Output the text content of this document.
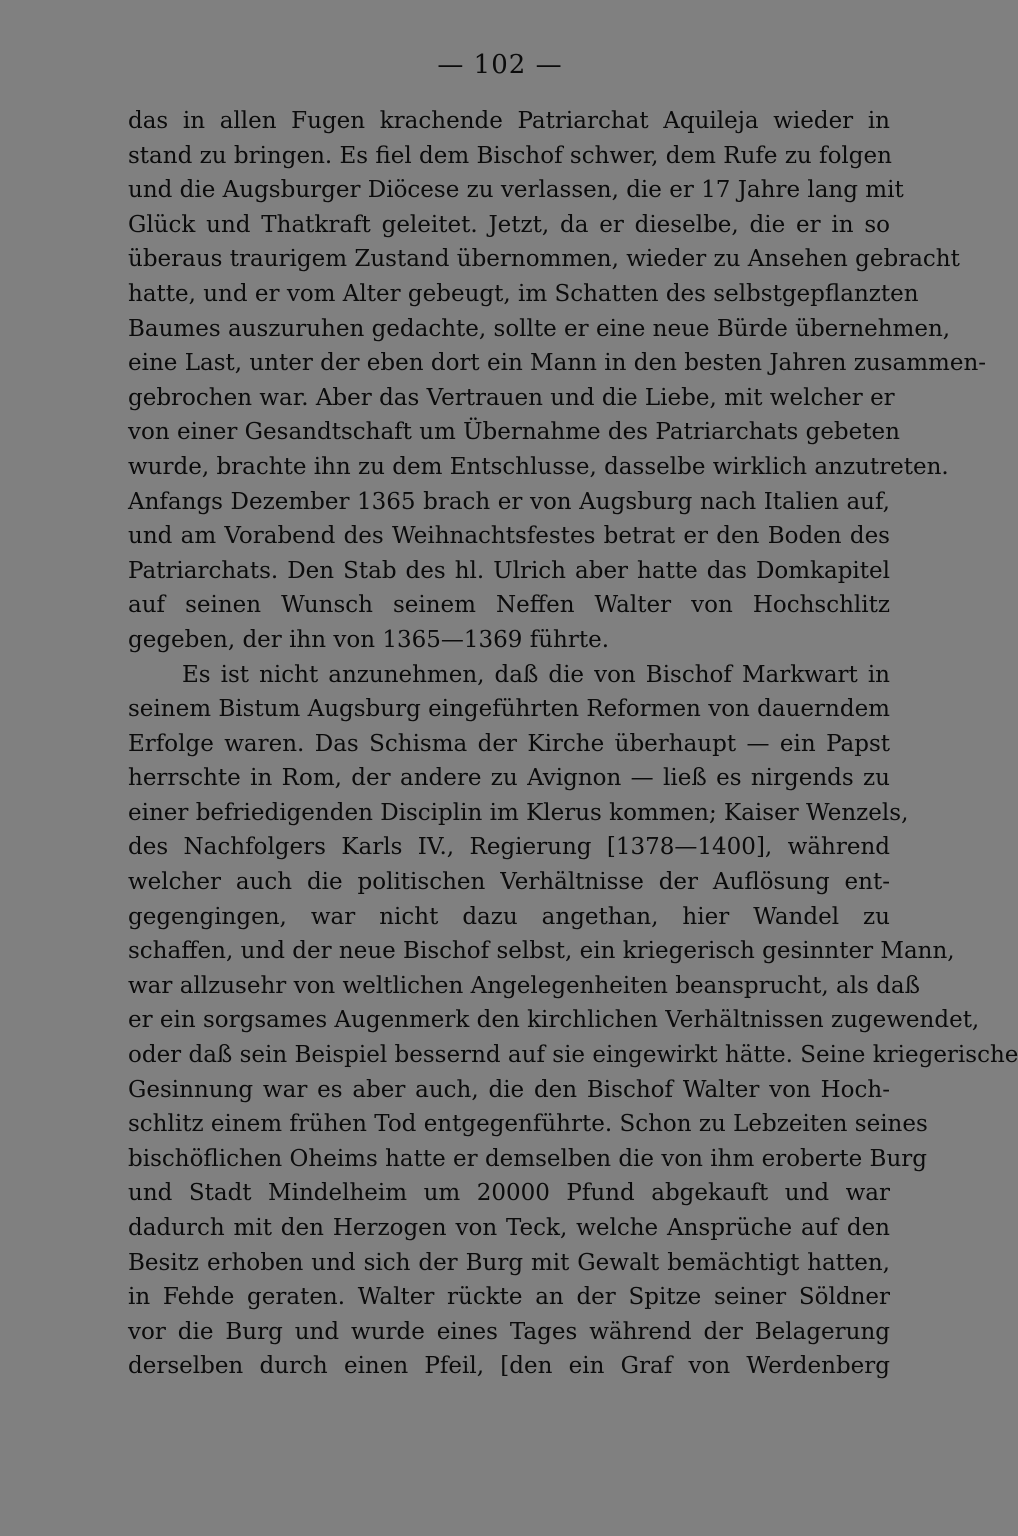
— 102 —
das in allen Fugen krachende Patriarchat Aquileja wieder in
stand zu bringen. Es fiel dem Bischof schwer, dem Rufe zu folgen
und die Augsburger Diöcese zu verlassen, die er 17 Jahre lang mit
Glück und Thatkraft geleitet. Jetzt, da er dieselbe, die er in so
überaus traurigem Zustand übernommen, wieder zu Ansehen gebracht
hatte, und er vom Alter gebeugt, im Schatten des selbstgepflanzten
Baumes auszuruhen gedachte, sollte er eine neue Bürde übernehmen,
eine Last, unter der eben dort ein Mann in den besten Jahren zusammen-
gebrochen war. Aber das Vertrauen und die Liebe, mit welcher er
von einer Gesandtschaft um Übernahme des Patriarchats gebeten
wurde, brachte ihn zu dem Entschlusse, dasselbe wirklich anzutreten.
Anfangs Dezember 1365 brach er von Augsburg nach Italien auf,
und am Vorabend des Weihnachtsfestes betrat er den Boden des
Patriarchats. Den Stab des hl. Ulrich aber hatte das Domkapitel
auf seinen Wunsch seinem Neffen Walter von Hochschlitz
gegeben, der ihn von 1365—1369 führte.
Es ist nicht anzunehmen, daß die von Bischof Markwart in
seinem Bistum Augsburg eingeführten Reformen von dauerndem
Erfolge waren. Das Schisma der Kirche überhaupt — ein Papst
herrschte in Rom, der andere zu Avignon — ließ es nirgends zu
einer befriedigenden Disciplin im Klerus kommen; Kaiser Wenzels,
des Nachfolgers Karls IV., Regierung [1378—1400], während
welcher auch die politischen Verhältnisse der Auflösung ent-
gegengingen, war nicht dazu angethan, hier Wandel zu
schaffen, und der neue Bischof selbst, ein kriegerisch gesinnter Mann,
war allzusehr von weltlichen Angelegenheiten beansprucht, als daß
er ein sorgsames Augenmerk den kirchlichen Verhältnissen zugewendet,
oder daß sein Beispiel bessernd auf sie eingewirkt hätte. Seine kriegerische
Gesinnung war es aber auch, die den Bischof Walter von Hoch-
schlitz einem frühen Tod entgegenführte. Schon zu Lebzeiten seines
bischöflichen Oheims hatte er demselben die von ihm eroberte Burg
und Stadt Mindelheim um 20000 Pfund abgekauft und war
dadurch mit den Herzogen von Teck, welche Ansprüche auf den
Besitz erhoben und sich der Burg mit Gewalt bemächtigt hatten,
in Fehde geraten. Walter rückte an der Spitze seiner Söldner
vor die Burg und wurde eines Tages während der Belagerung
derselben durch einen Pfeil, [den ein Graf von Werdenberg
